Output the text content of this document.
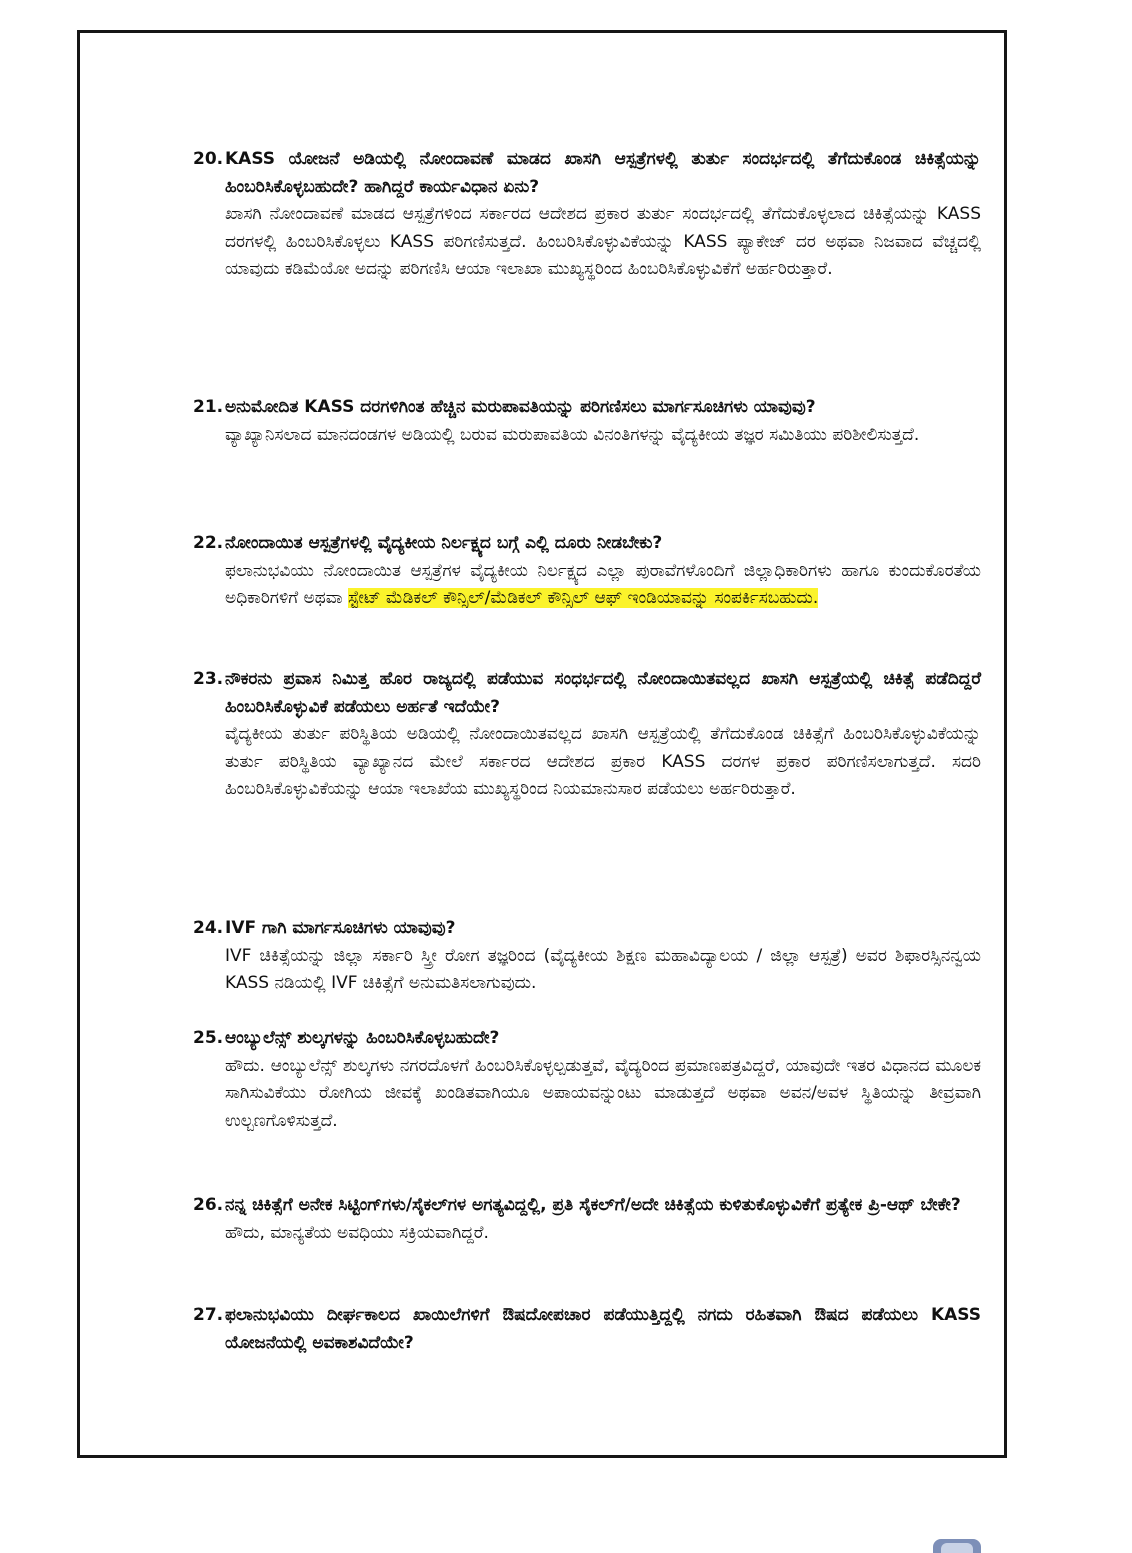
20. KASS ಯೋಜನೆ ಅಡಿಯಲ್ಲಿ ನೋಂದಾವಣೆ ಮಾಡದ ಖಾಸಗಿ ಆಸ್ಪತ್ರೆಗಳಲ್ಲಿ ತುರ್ತು ಸಂದರ್ಭದಲ್ಲಿ ತೆಗೆದುಕೊಂಡ ಚಿಕಿತ್ಸೆಯನ್ನು ಹಿಂಬರಿಸಿಕೊಳ್ಳಬಹುದೇ? ಹಾಗಿದ್ದರೆ ಕಾರ್ಯವಿಧಾನ ಏನು?
ಖಾಸಗಿ ನೋಂದಾವಣೆ ಮಾಡದ ಆಸ್ಪತ್ರೆಗಳಿಂದ ಸರ್ಕಾರದ ಆದೇಶದ ಪ್ರಕಾರ ತುರ್ತು ಸಂದರ್ಭದಲ್ಲಿ ತೆಗೆದುಕೊಳ್ಳಲಾದ ಚಿಕಿತ್ಸೆಯನ್ನು KASS ದರಗಳಲ್ಲಿ ಹಿಂಬರಿಸಿಕೊಳ್ಳಲು KASS ಪರಿಗಣಿಸುತ್ತದೆ. ಹಿಂಬರಿಸಿಕೊಳ್ಳುವಿಕೆಯನ್ನು KASS ಪ್ಯಾಕೇಜ್ ದರ ಅಥವಾ ನಿಜವಾದ ವೆಚ್ಚದಲ್ಲಿ ಯಾವುದು ಕಡಿಮೆಯೋ ಅದನ್ನು ಪರಿಗಣಿಸಿ ಆಯಾ ಇಲಾಖಾ ಮುಖ್ಯಸ್ಥರಿಂದ ಹಿಂಬರಿಸಿಕೊಳ್ಳುವಿಕೆಗೆ ಅರ್ಹರಿರುತ್ತಾರೆ.
21. ಅನುಮೋದಿತ KASS ದರಗಳಿಗಿಂತ ಹೆಚ್ಚಿನ ಮರುಪಾವತಿಯನ್ನು ಪರಿಗಣಿಸಲು ಮಾರ್ಗಸೂಚಿಗಳು ಯಾವುವು?
ವ್ಯಾಖ್ಯಾನಿಸಲಾದ ಮಾನದಂಡಗಳ ಅಡಿಯಲ್ಲಿ ಬರುವ ಮರುಪಾವತಿಯ ವಿನಂತಿಗಳನ್ನು ವೈದ್ಯಕೀಯ ತಜ್ಞರ ಸಮಿತಿಯು ಪರಿಶೀಲಿಸುತ್ತದೆ.
22. ನೋಂದಾಯಿತ ಆಸ್ಪತ್ರೆಗಳಲ್ಲಿ ವೈದ್ಯಕೀಯ ನಿರ್ಲಕ್ಷ್ಯದ ಬಗ್ಗೆ ಎಲ್ಲಿ ದೂರು ನೀಡಬೇಕು?
ಫಲಾನುಭವಿಯು ನೋಂದಾಯಿತ ಆಸ್ಪತ್ರೆಗಳ ವೈದ್ಯಕೀಯ ನಿರ್ಲಕ್ಷ್ಯದ ಎಲ್ಲಾ ಪುರಾವೆಗಳೊಂದಿಗೆ ಜಿಲ್ಲಾಧಿಕಾರಿಗಳು ಹಾಗೂ ಕುಂದುಕೊರತೆಯ ಅಧಿಕಾರಿಗಳಿಗೆ ಅಥವಾ ಸ್ಟೇಟ್ ಮೆಡಿಕಲ್ ಕೌನ್ಸಿಲ್/ಮೆಡಿಕಲ್ ಕೌನ್ಸಿಲ್ ಆಫ್ ಇಂಡಿಯಾವನ್ನು ಸಂಪರ್ಕಿಸಬಹುದು.
23. ನೌಕರನು ಪ್ರವಾಸ ನಿಮಿತ್ತ ಹೊರ ರಾಜ್ಯದಲ್ಲಿ ಪಡೆಯುವ ಸಂಧರ್ಭದಲ್ಲಿ ನೋಂದಾಯಿತವಲ್ಲದ ಖಾಸಗಿ ಆಸ್ಪತ್ರೆಯಲ್ಲಿ ಚಿಕಿತ್ಸೆ ಪಡೆದಿದ್ದರೆ ಹಿಂಬರಿಸಿಕೊಳ್ಳುವಿಕೆ ಪಡೆಯಲು ಅರ್ಹತೆ ಇದೆಯೇ?
ವೈದ್ಯಕೀಯ ತುರ್ತು ಪರಿಸ್ಥಿತಿಯ ಅಡಿಯಲ್ಲಿ ನೋಂದಾಯಿತವಲ್ಲದ ಖಾಸಗಿ ಆಸ್ಪತ್ರೆಯಲ್ಲಿ ತೆಗೆದುಕೊಂಡ ಚಿಕಿತ್ಸೆಗೆ ಹಿಂಬರಿಸಿಕೊಳ್ಳುವಿಕೆಯನ್ನು ತುರ್ತು ಪರಿಸ್ಥಿತಿಯ ವ್ಯಾಖ್ಯಾನದ ಮೇಲೆ ಸರ್ಕಾರದ ಆದೇಶದ ಪ್ರಕಾರ KASS ದರಗಳ ಪ್ರಕಾರ ಪರಿಗಣಿಸಲಾಗುತ್ತದೆ. ಸದರಿ ಹಿಂಬರಿಸಿಕೊಳ್ಳುವಿಕೆಯನ್ನು ಆಯಾ ಇಲಾಖೆಯ ಮುಖ್ಯಸ್ಥರಿಂದ ನಿಯಮಾನುಸಾರ ಪಡೆಯಲು ಅರ್ಹರಿರುತ್ತಾರೆ.
24. IVF ಗಾಗಿ ಮಾರ್ಗಸೂಚಿಗಳು ಯಾವುವು?
IVF ಚಿಕಿತ್ಸೆಯನ್ನು ಜಿಲ್ಲಾ ಸರ್ಕಾರಿ ಸ್ತ್ರೀ ರೋಗ ತಜ್ಞರಿಂದ (ವೈದ್ಯಕೀಯ ಶಿಕ್ಷಣ ಮಹಾವಿದ್ಯಾಲಯ / ಜಿಲ್ಲಾ ಆಸ್ಪತ್ರೆ) ಅವರ ಶಿಫಾರಸ್ಸಿನನ್ವಯ KASS ನಡಿಯಲ್ಲಿ IVF ಚಿಕಿತ್ಸೆಗೆ ಅನುಮತಿಸಲಾಗುವುದು.
25. ಆಂಬ್ಯುಲೆನ್ಸ್ ಶುಲ್ಕಗಳನ್ನು ಹಿಂಬರಿಸಿಕೊಳ್ಳಬಹುದೇ?
ಹೌದು. ಆಂಬ್ಯುಲೆನ್ಸ್ ಶುಲ್ಕಗಳು ನಗರದೊಳಗೆ ಹಿಂಬರಿಸಿಕೊಳ್ಳಲ್ಪಡುತ್ತವೆ, ವೈದ್ಯರಿಂದ ಪ್ರಮಾಣಪತ್ರವಿದ್ದರೆ, ಯಾವುದೇ ಇತರ ವಿಧಾನದ ಮೂಲಕ ಸಾಗಿಸುವಿಕೆಯು ರೋಗಿಯ ಜೀವಕ್ಕೆ ಖಂಡಿತವಾಗಿಯೂ ಅಪಾಯವನ್ನುಂಟು ಮಾಡುತ್ತದೆ ಅಥವಾ ಅವನ/ಅವಳ ಸ್ಥಿತಿಯನ್ನು ತೀವ್ರವಾಗಿ ಉಲ್ಬಣಗೊಳಿಸುತ್ತದೆ.
26. ನನ್ನ ಚಿಕಿತ್ಸೆಗೆ ಅನೇಕ ಸಿಟ್ಟಿಂಗ್‌ಗಳು/ಸೈಕಲ್‌ಗಳ ಅಗತ್ಯವಿದ್ದಲ್ಲಿ, ಪ್ರತಿ ಸೈಕಲ್‌ಗೆ/ಅದೇ ಚಿಕಿತ್ಸೆಯ ಕುಳಿತುಕೊಳ್ಳುವಿಕೆಗೆ ಪ್ರತ್ಯೇಕ ಪ್ರಿ-ಆಥ್ ಬೇಕೇ?
ಹೌದು, ಮಾನ್ಯತೆಯ ಅವಧಿಯು ಸಕ್ರಿಯವಾಗಿದ್ದರೆ.
27. ಫಲಾನುಭವಿಯು ದೀರ್ಘಕಾಲದ ಖಾಯಿಲೆಗಳಿಗೆ ಔಷದೋಪಚಾರ ಪಡೆಯುತ್ತಿದ್ದಲ್ಲಿ ನಗದು ರಹಿತವಾಗಿ ಔಷದ ಪಡೆಯಲು KASS ಯೋಜನೆಯಲ್ಲಿ ಅವಕಾಶವಿದೆಯೇ?
